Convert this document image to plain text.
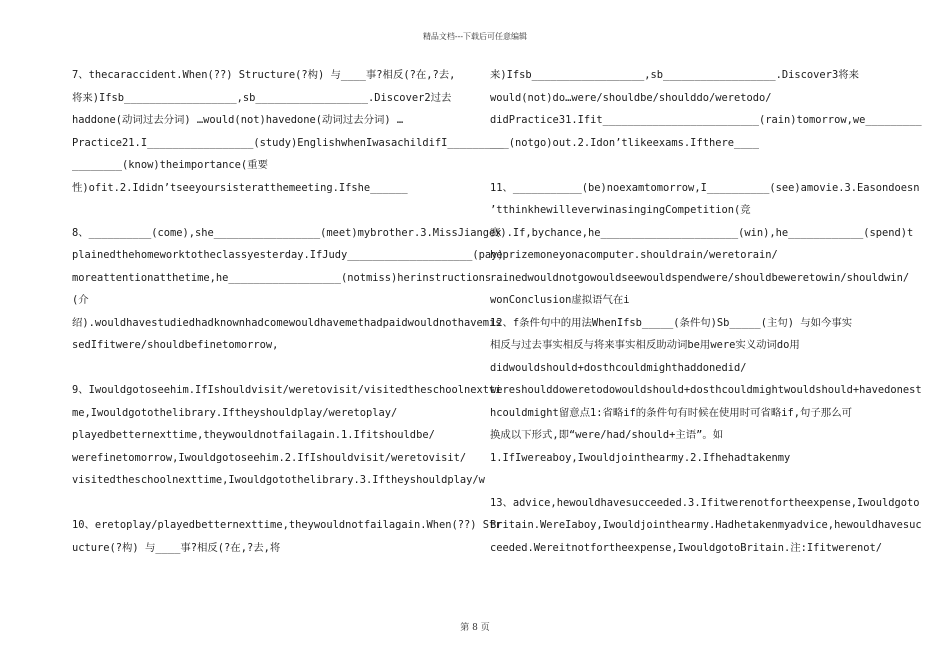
精品文档---下载后可任意编辑
7、thecaraccident.When(??) Structure(?构) 与____事?相反(?在,?去,
将来)Ifsb__________________,sb__________________.Discover2过去
haddone(动词过去分词) …would(not)havedone(动词过去分词) …
Practice21.I_________________(study)EnglishwhenIwasachildifI_________
________(know)theimportance(重要
性)ofit.2.Ididn’tseeyoursisteratthemeeting.Ifshe______
8、__________(come),she_________________(meet)mybrother.3.MissJiangex
plainedthehomeworktotheclassyesterday.IfJudy____________________(pay)
moreattentionatthetime,he__________________(notmiss)herinstructions
(介
绍).wouldhavestudiedhadknownhadcomewouldhavemethadpaidwouldnothavemis
sedIfitwere/shouldbefinetomorrow,
9、Iwouldgotoseehim.IfIshouldvisit/weretovisit/visitedtheschoolnextti
me,Iwouldgotothelibrary.Iftheyshouldplay/weretoplay/
playedbetternexttime,theywouldnotfailagain.1.Ifitshouldbe/
werefinetomorrow,Iwouldgotoseehim.2.IfIshouldvisit/weretovisit/
visitedtheschoolnexttime,Iwouldgotothelibrary.3.Iftheyshouldplay/w
10、eretoplay/playedbetternexttime,theywouldnotfailagain.When(??) Str
ucture(?构) 与____事?相反(?在,?去,将
来)Ifsb__________________,sb__________________.Discover3将来
would(not)do…were/shouldbe/shoulddo/weretodo/
didPractice31.Ifit_________________________(rain)tomorrow,we_________
___(notgo)out.2.Idon’tlikeexams.Ifthere____
11、___________(be)noexamtomorrow,I__________(see)amovie.3.Easondoesn
’tthinkhewilleverwinasingingCompetition(竞
赛).If,bychance,he______________________(win),he____________(spend)t
heprizemoneyonacomputer.shouldrain/weretorain/
rainedwouldnotgowouldseewouldspendwere/shouldbeweretowin/shouldwin/
wonConclusion虚拟语气在i
12、f条件句中的用法WhenIfsb_____(条件句)Sb_____(主句) 与如今事实
相反与过去事实相反与将来事实相反助动词be用were实义动词do用
didwouldshould+dosthcouldmighthaddonedid/
wereshoulddoweretodowouldshould+dosthcouldmightwouldshould+havedonest
hcouldmight留意点1:省略if的条件句有时候在使用时可省略if,句子那么可
换成以下形式,即“were/had/should+主语”。如
1.IfIwereaboy,Iwouldjointhearmy.2.Ifhehadtakenmy
13、advice,hewouldhavesucceeded.3.Ifitwerenotfortheexpense,Iwouldgoto
Britain.WereIaboy,Iwouldjointhearmy.Hadhetakenmyadvice,hewouldhavesuc
ceeded.Wereitnotfortheexpense,IwouldgotoBritain.注:Ifitwerenot/
第 8 页
